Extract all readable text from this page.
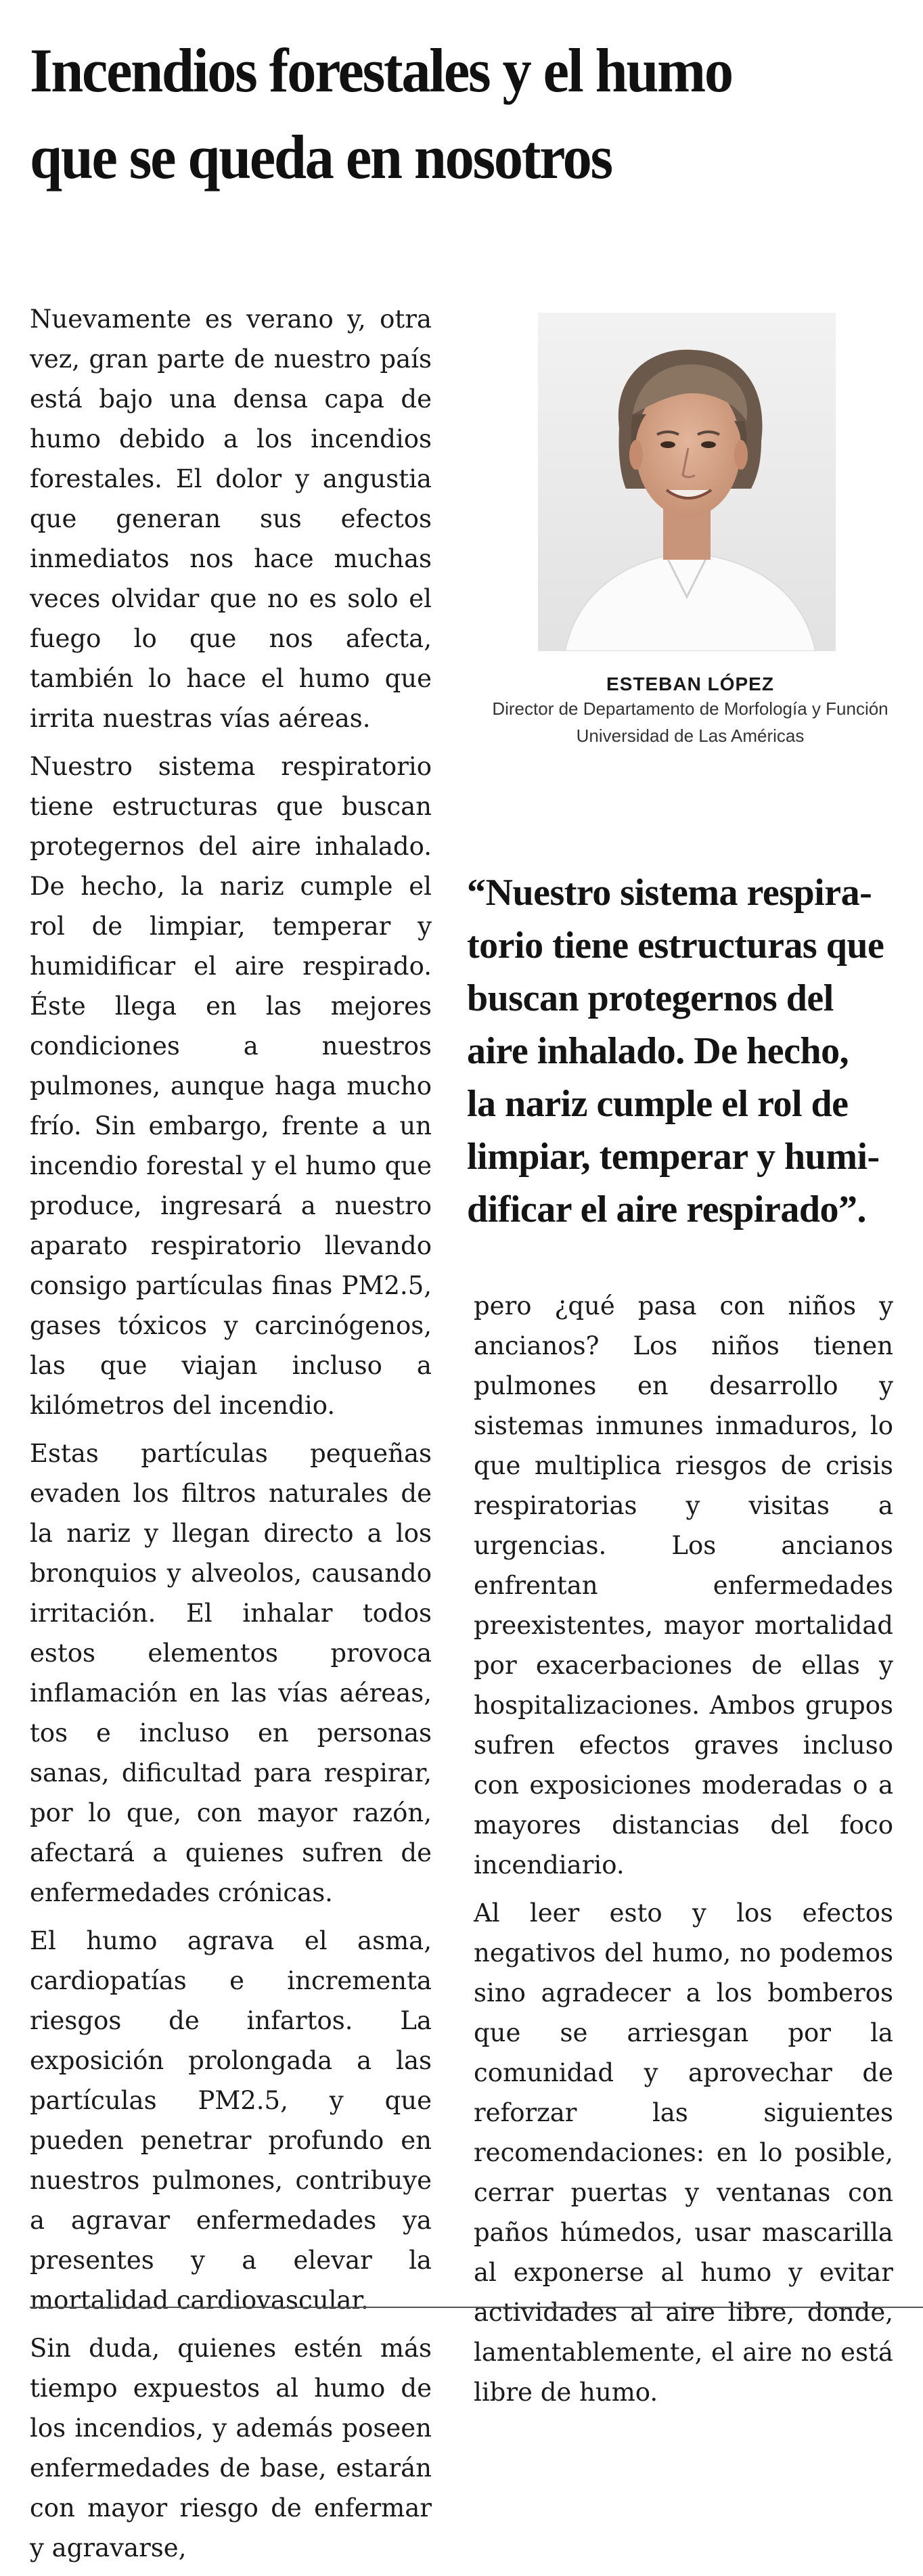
Incendios forestales y el humo
que se queda en nosotros

Nuevamente es verano y, otra vez, gran parte de nuestro país está bajo una densa capa de humo debido a los incendios forestales. El dolor y angustia que generan sus efectos inmediatos nos hace muchas veces olvidar que no es solo el fuego lo que nos afecta, también lo hace el humo que irrita nuestras vías aéreas.

Nuestro sistema respiratorio tiene estructuras que buscan protegernos del aire inhalado. De hecho, la nariz cumple el rol de limpiar, temperar y humidificar el aire respirado. Éste llega en las mejores condiciones a nuestros pulmones, aunque haga mucho frío. Sin embargo, frente a un incendio forestal y el humo que produce, ingresará a nuestro aparato respiratorio llevando consigo partículas finas PM2.5, gases tóxicos y carcinógenos, las que viajan incluso a kilómetros del incendio.

Estas partículas pequeñas evaden los filtros naturales de la nariz y llegan directo a los bronquios y alveolos, causando irritación. El inhalar todos estos elementos provoca inflamación en las vías aéreas, tos e incluso en personas sanas, dificultad para respirar, por lo que, con mayor razón, afectará a quienes sufren de enfermedades crónicas.

El humo agrava el asma, cardiopatías e incrementa riesgos de infartos. La exposición prolongada a las partículas PM2.5, y que pueden penetrar profundo en nuestros pulmones, contribuye a agravar enfermedades ya presentes y a elevar la mortalidad cardiovascular.

Sin duda, quienes estén más tiempo expuestos al humo de los incendios, y además poseen enfermedades de base, estarán con mayor riesgo de enfermar y agravarse,

ESTEBAN LÓPEZ
Director de Departamento de Morfología y Función
Universidad de Las Américas
“Nuestro sistema respira-
torio tiene estructuras que
buscan protegernos del
aire inhalado. De hecho,
la nariz cumple el rol de
limpiar, temperar y humi-
dificar el aire respirado”.

pero ¿qué pasa con niños y ancianos? Los niños tienen pulmones en desarrollo y sistemas inmunes inmaduros, lo que multiplica riesgos de crisis respiratorias y visitas a urgencias. Los ancianos enfrentan enfermedades preexistentes, mayor mortalidad por exacerbaciones de ellas y hospitalizaciones. Ambos grupos sufren efectos graves incluso con exposiciones moderadas o a mayores distancias del foco incendiario.

Al leer esto y los efectos negativos del humo, no podemos sino agradecer a los bomberos que se arriesgan por la comunidad y aprovechar de reforzar las siguientes recomendaciones: en lo posible, cerrar puertas y ventanas con paños húmedos, usar mascarilla al exponerse al humo y evitar actividades al aire libre, donde, lamentablemente, el aire no está libre de humo.
